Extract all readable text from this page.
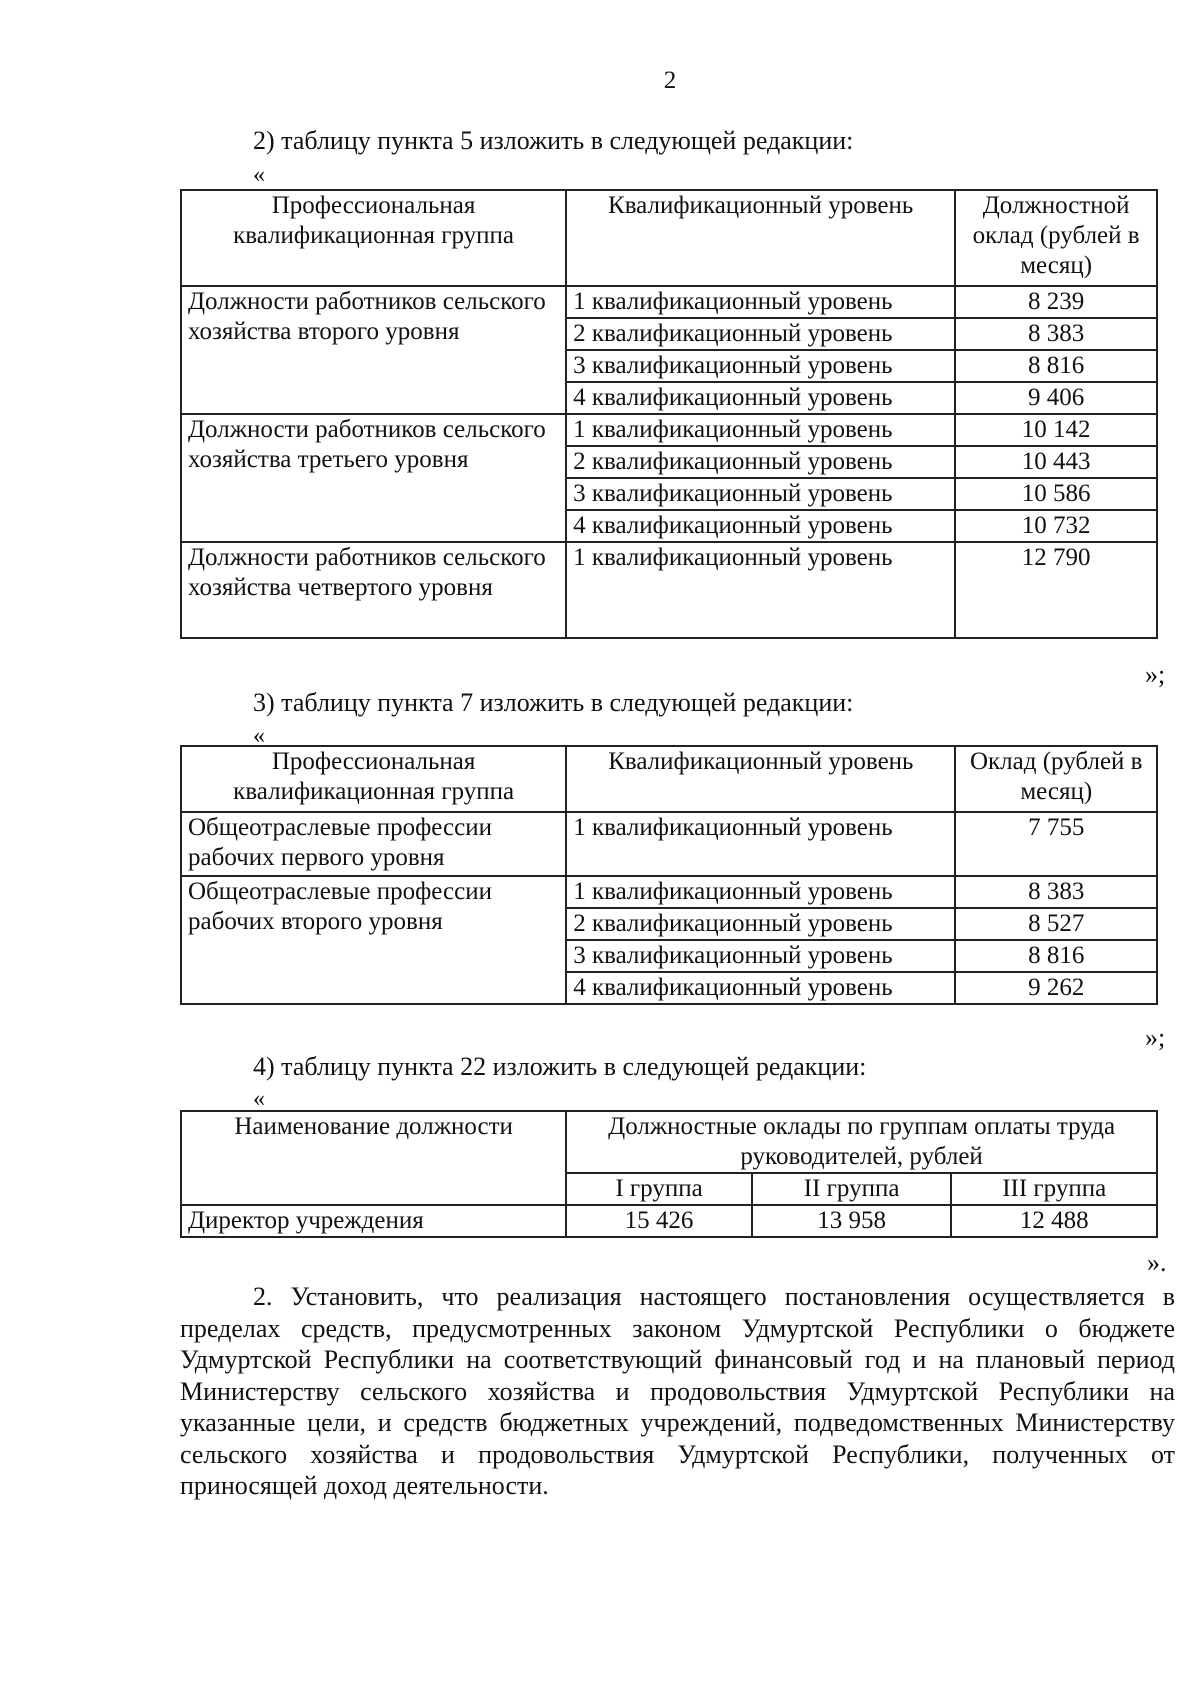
2
2) таблицу пункта 5 изложить в следующей редакции:
«
Профессиональная квалификационная группа	Квалификационный уровень	Должностной оклад (рублей в месяц)
Должности работников сельского хозяйства второго уровня	1 квалификационный уровень	8 239
	2 квалификационный уровень	8 383
	3 квалификационный уровень	8 816
	4 квалификационный уровень	9 406
Должности работников сельского хозяйства третьего уровня	1 квалификационный уровень	10 142
	2 квалификационный уровень	10 443
	3 квалификационный уровень	10 586
	4 квалификационный уровень	10 732
Должности работников сельского хозяйства четвертого уровня	1 квалификационный уровень	12 790
»;
3) таблицу пункта 7 изложить в следующей редакции:
«
Профессиональная квалификационная группа	Квалификационный уровень	Оклад (рублей в месяц)
Общеотраслевые профессии рабочих первого уровня	1 квалификационный уровень	7 755
Общеотраслевые профессии рабочих второго уровня	1 квалификационный уровень	8 383
	2 квалификационный уровень	8 527
	3 квалификационный уровень	8 816
	4 квалификационный уровень	9 262
»;
4) таблицу пункта 22 изложить в следующей редакции:
«
Наименование должности	Должностные оклады по группам оплаты труда руководителей, рублей		
	I группа	II группа	III группа
Директор учреждения	15 426	13 958	12 488
».
2. Установить, что реализация настоящего постановления осуществляется в пределах средств, предусмотренных законом Удмуртской Республики о бюджете Удмуртской Республики на соответствующий финансовый год и на плановый период Министерству сельского хозяйства и продовольствия Удмуртской Республики на указанные цели, и средств бюджетных учреждений, подведомственных Министерству сельского хозяйства и продовольствия Удмуртской Республики, полученных от приносящей доход деятельности.
